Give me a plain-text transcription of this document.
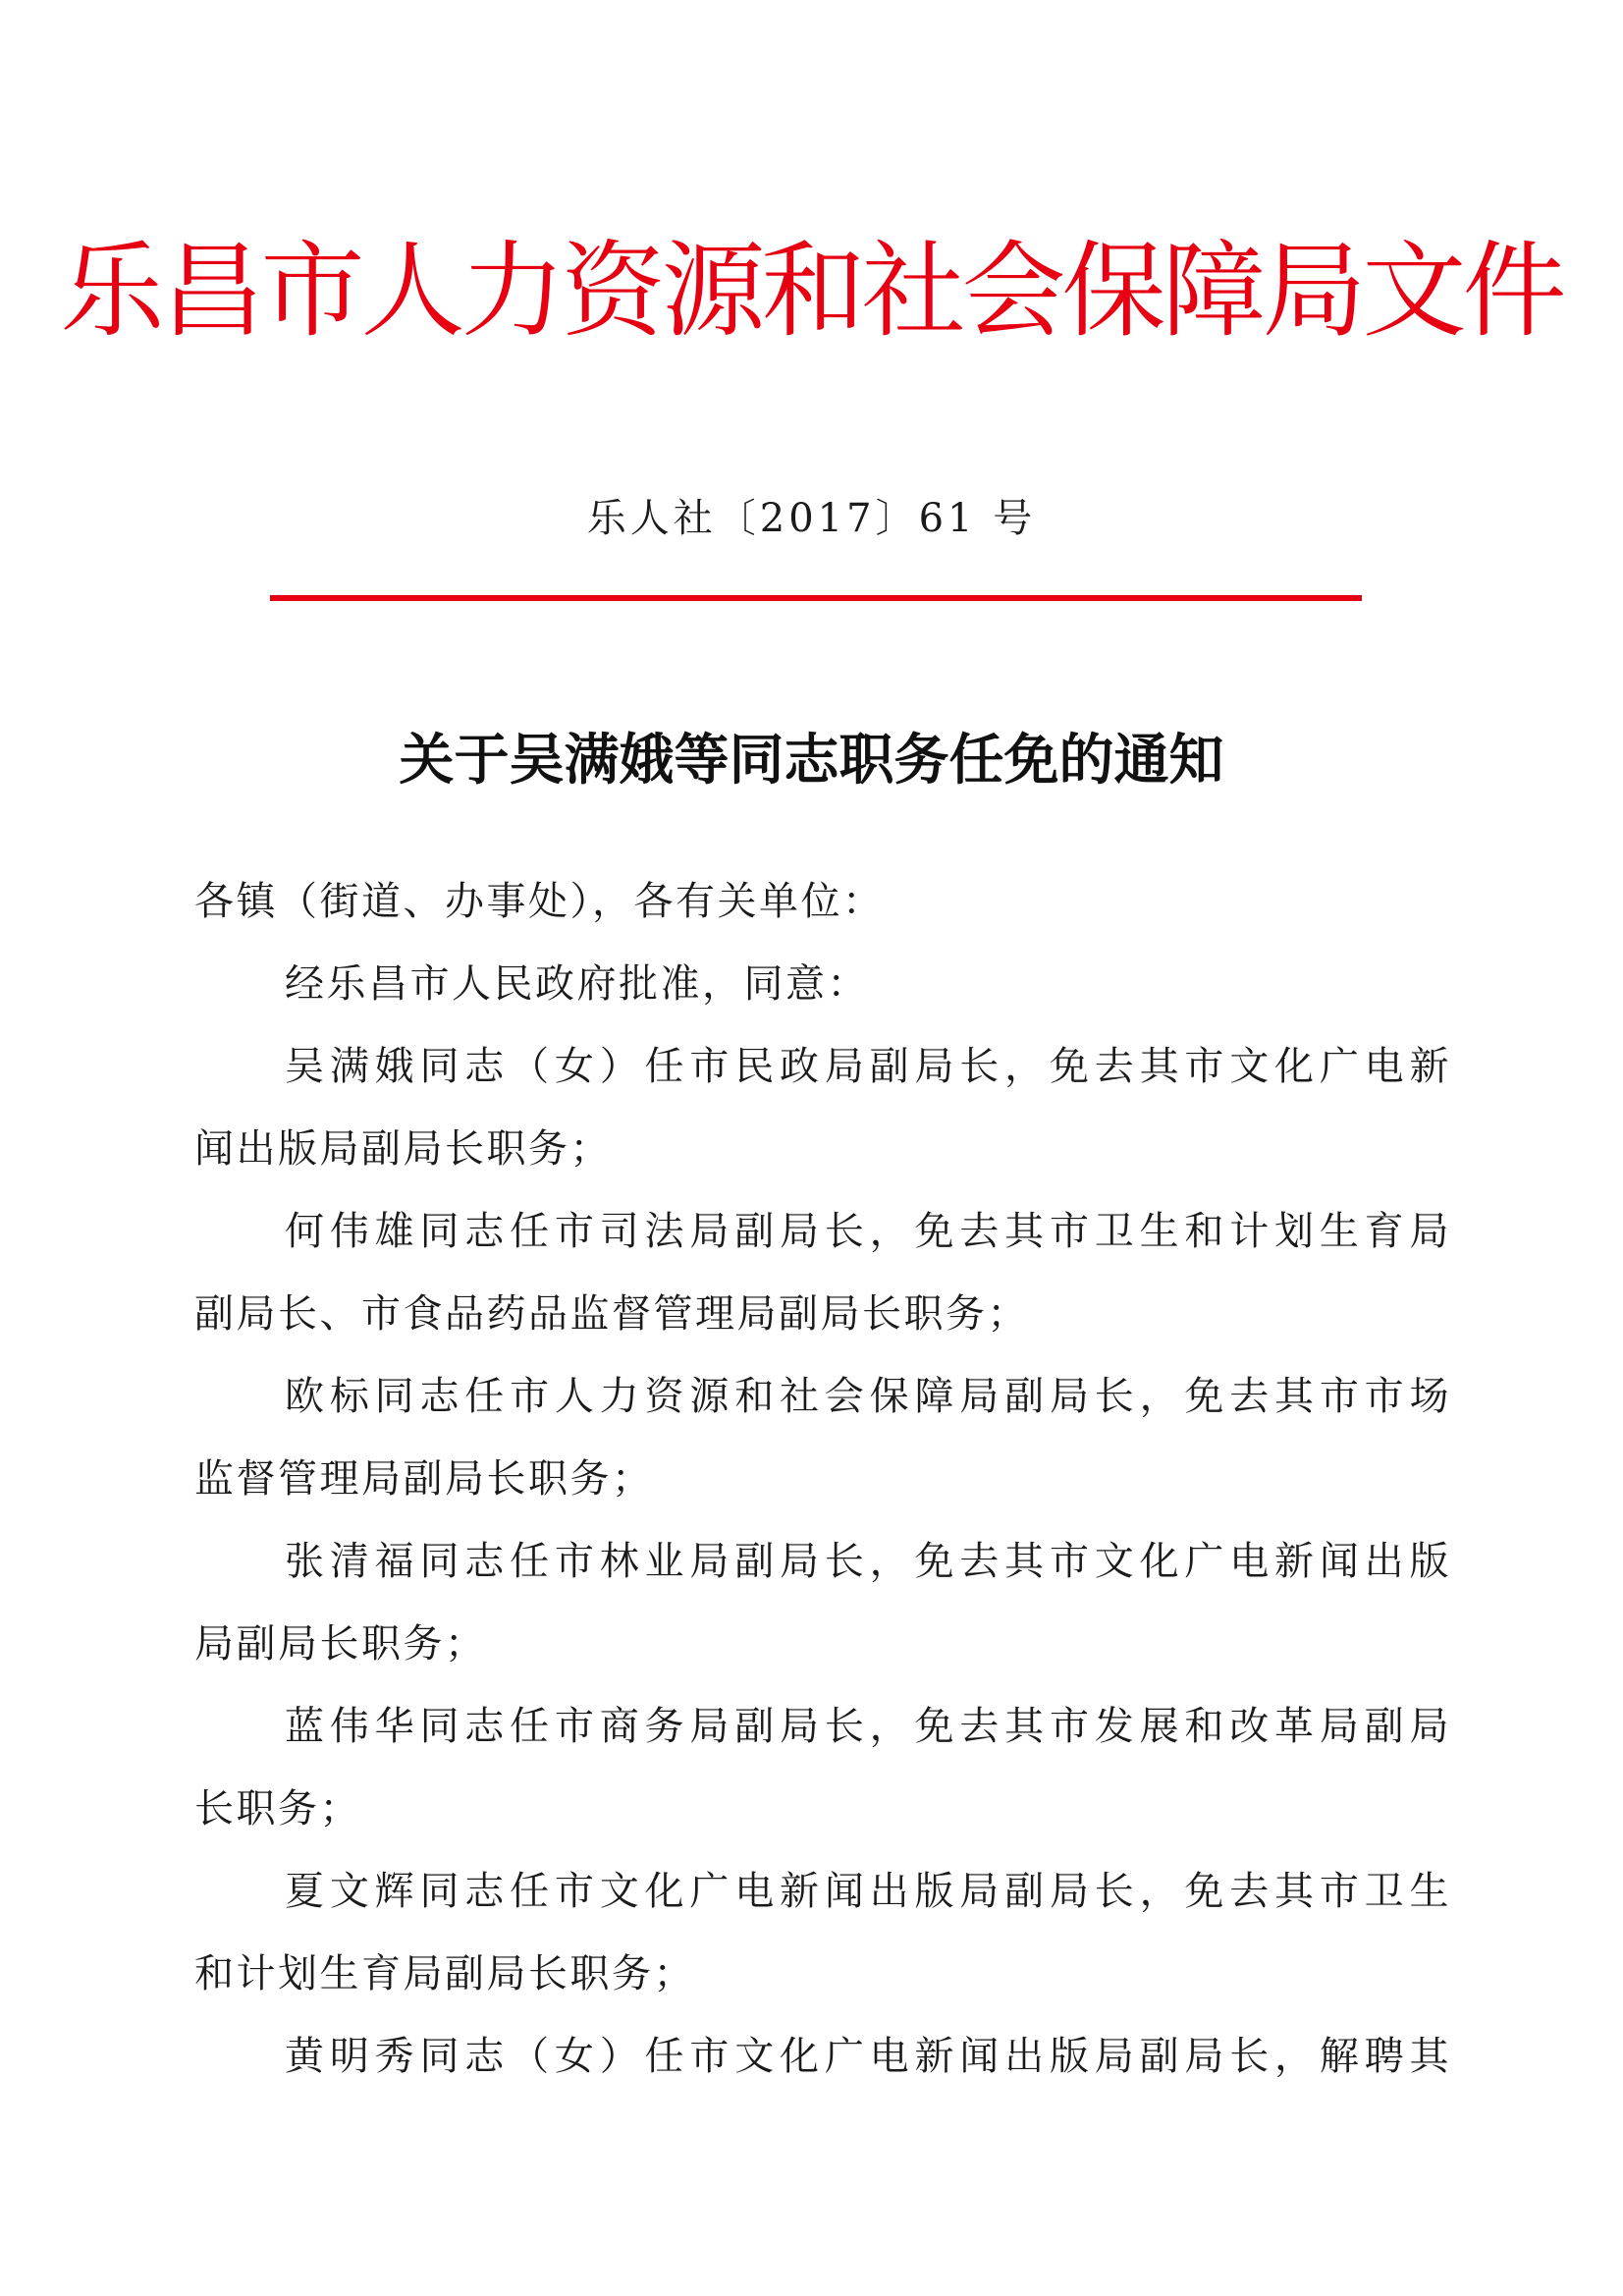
乐昌市人力资源和社会保障局文件
乐人社〔2017〕61 号
关于吴满娥等同志职务任免的通知
各镇（街道、办事处），各有关单位：
经乐昌市人民政府批准，同意：
吴满娥同志（女）任市民政局副局长，免去其市文化广电新
闻出版局副局长职务；
何伟雄同志任市司法局副局长，免去其市卫生和计划生育局
副局长、市食品药品监督管理局副局长职务；
欧标同志任市人力资源和社会保障局副局长，免去其市市场
监督管理局副局长职务；
张清福同志任市林业局副局长，免去其市文化广电新闻出版
局副局长职务；
蓝伟华同志任市商务局副局长，免去其市发展和改革局副局
长职务；
夏文辉同志任市文化广电新闻出版局副局长，免去其市卫生
和计划生育局副局长职务；
黄明秀同志（女）任市文化广电新闻出版局副局长，解聘其
